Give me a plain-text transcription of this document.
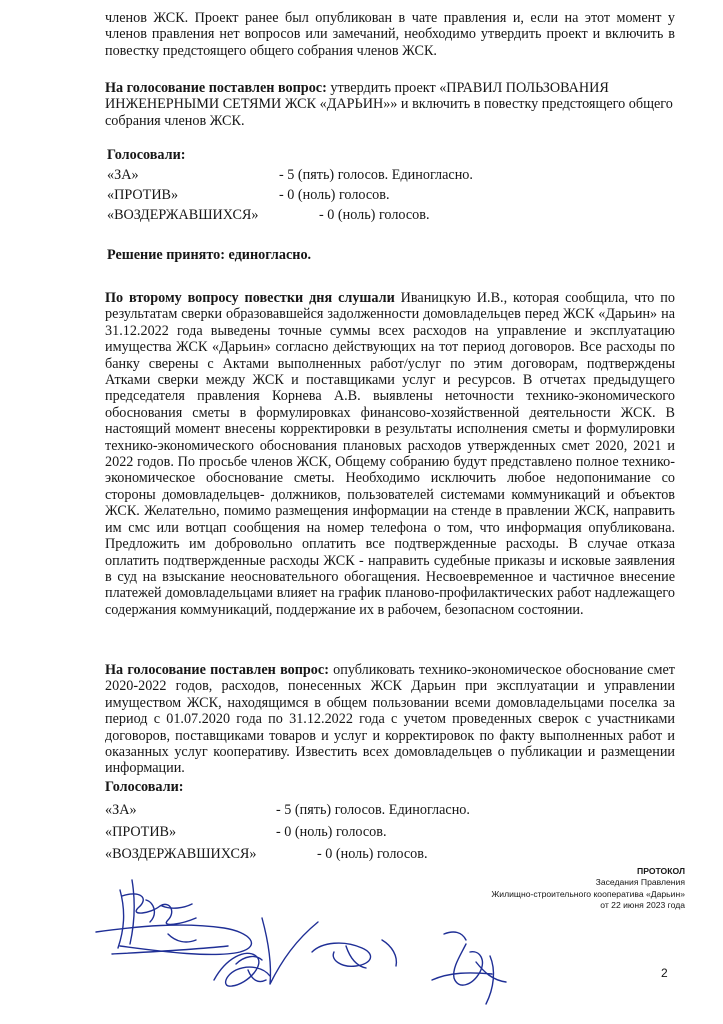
членов ЖСК. Проект ранее был опубликован в чате правления и, если на этот момент у членов правления нет вопросов или замечаний, необходимо утвердить проект и включить в повестку предстоящего общего собрания членов ЖСК.

На голосование поставлен вопрос: утвердить проект «ПРАВИЛ ПОЛЬЗОВАНИЯ ИНЖЕНЕРНЫМИ СЕТЯМИ ЖСК «ДАРЬИН»» и включить в повестку предстоящего общего собрания членов ЖСК.

Голосовали:
«ЗА»	- 5 (пять) голосов. Единогласно.
«ПРОТИВ»	- 0 (ноль) голосов.
«ВОЗДЕРЖАВШИХСЯ»	- 0 (ноль) голосов.
Решение принято: единогласно.

По второму вопросу повестки дня слушали Иваницкую И.В., которая сообщила, что по результатам сверки образовавшейся задолженности домовладельцев перед ЖСК «Дарьин» на 31.12.2022 года выведены точные суммы всех расходов на управление и эксплуатацию имущества ЖСК «Дарьин» согласно действующих на тот период договоров. Все расходы по банку сверены с Актами выполненных работ/услуг по этим договорам, подтверждены Атками сверки между ЖСК и поставщиками услуг и ресурсов. В отчетах предыдущего председателя правления Корнева А.В. выявлены неточности технико-экономического обоснования сметы в формулировках финансово-хозяйственной деятельности ЖСК. В настоящий момент внесены корректировки в результаты исполнения сметы и формулировки технико-экономического обоснования плановых расходов утвержденных смет 2020, 2021 и 2022 годов. По просьбе членов ЖСК, Общему собранию будут представлено полное технико-экономическое обоснование сметы. Необходимо исключить любое недопонимание со стороны домовладельцев- должников, пользователей системами коммуникаций и объектов ЖСК. Желательно, помимо размещения информации на стенде в правлении ЖСК, направить им смс или вотцап сообщения на номер телефона о том, что информация опубликована. Предложить им добровольно оплатить все подтвержденные расходы. В случае отказа оплатить подтвержденные расходы ЖСК - направить судебные приказы и исковые заявления в суд на взыскание неосновательного обогащения. Несвоевременное и частичное внесение платежей домовладельцами влияет на график планово-профилактических работ надлежащего содержания коммуникаций, поддержание их в рабочем, безопасном состоянии.

На голосование поставлен вопрос: опубликовать технико-экономическое обоснование смет 2020-2022 годов, расходов, понесенных ЖСК Дарьин при эксплуатации и управлении имуществом ЖСК, находящимся в общем пользовании всеми домовладельцами поселка за период с 01.07.2020 года по 31.12.2022 года с учетом проведенных сверок с участниками договоров, поставщиками товаров и услуг и корректировок по факту выполненных работ и оказанных услуг кооперативу. Известить всех домовладельцев о публикации и размещении информации.

Голосовали:
«ЗА»	- 5 (пять) голосов. Единогласно.
«ПРОТИВ»	- 0 (ноль) голосов.
«ВОЗДЕРЖАВШИХСЯ»	- 0 (ноль) голосов.
ПРОТОКОЛ
Заседания Правления
Жилищно-строительного кооператива «Дарьин»
от 22 июня 2023 года
2
